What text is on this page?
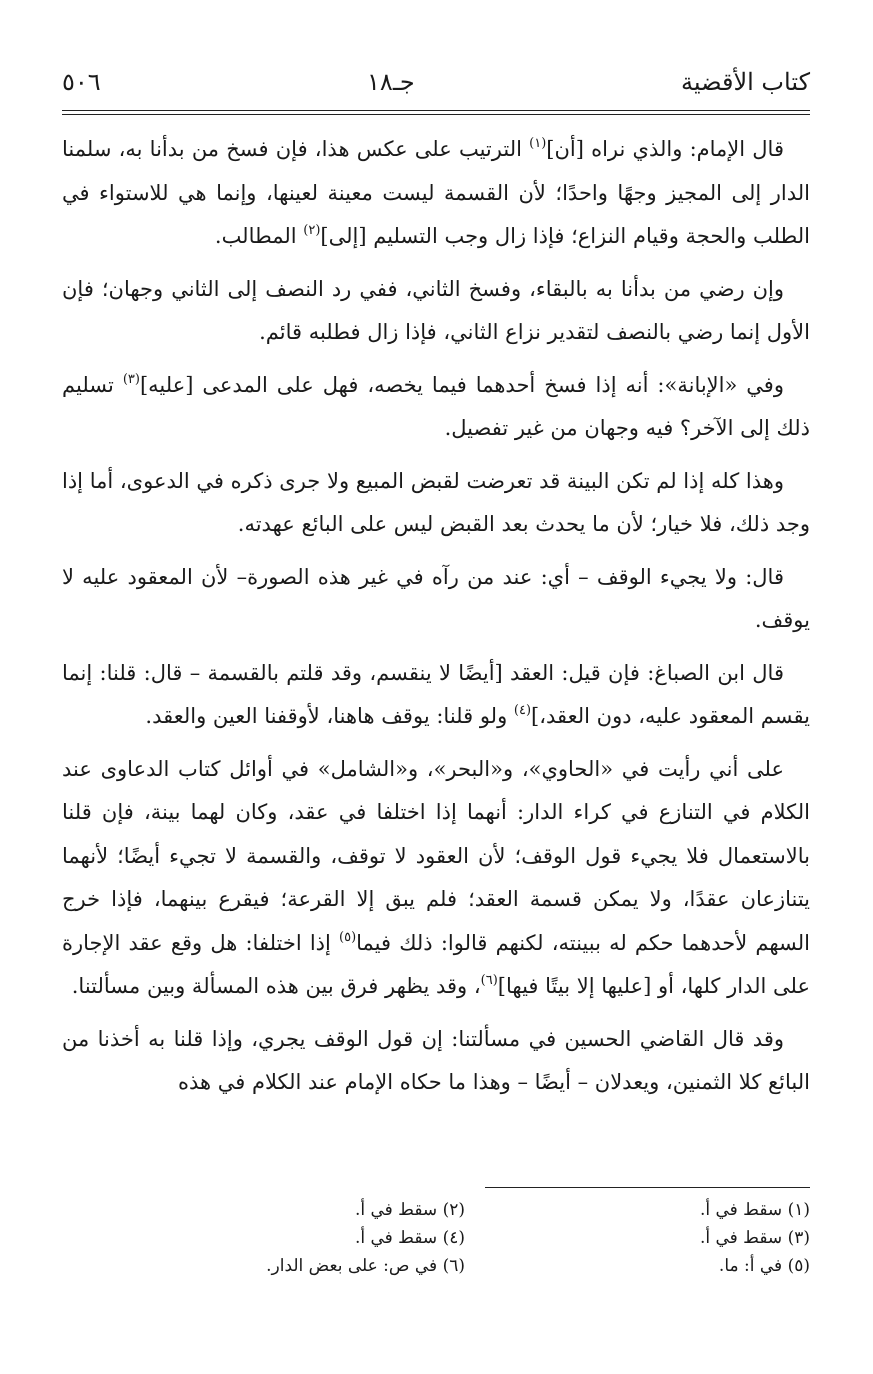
٥٠٦	جـ١٨	كتاب الأقضية

قال الإمام: والذي نراه [أن]$^{(١)}$ الترتيب على عكس هذا، فإن فسخ من بدأنا به، سلمنا الدار إلى المجيز وجهًا واحدًا؛ لأن القسمة ليست معينة لعينها، وإنما هي للاستواء في الطلب والحجة وقيام النزاع؛ فإذا زال وجب التسليم [إلى]$^{(٢)}$ المطالب.

وإن رضي من بدأنا به بالبقاء، وفسخ الثاني، ففي رد النصف إلى الثاني وجهان؛ فإن الأول إنما رضي بالنصف لتقدير نزاع الثاني، فإذا زال فطلبه قائم.

وفي «الإبانة»: أنه إذا فسخ أحدهما فيما يخصه، فهل على المدعى [عليه]$^{(٣)}$ تسليم ذلك إلى الآخر؟ فيه وجهان من غير تفصيل.

وهذا كله إذا لم تكن البينة قد تعرضت لقبض المبيع ولا جرى ذكره في الدعوى، أما إذا وجد ذلك، فلا خيار؛ لأن ما يحدث بعد القبض ليس على البائع عهدته.

قال: ولا يجيء الوقف – أي: عند من رآه في غير هذه الصورة– لأن المعقود عليه لا يوقف.

قال ابن الصباغ: فإن قيل: العقد [أيضًا لا ينقسم، وقد قلتم بالقسمة – قال: قلنا: إنما يقسم المعقود عليه، دون العقد،]$^{(٤)}$ ولو قلنا: يوقف هاهنا، لأوقفنا العين والعقد.

على أني رأيت في «الحاوي»، و«البحر»، و«الشامل» في أوائل كتاب الدعاوى عند الكلام في التنازع في كراء الدار: أنهما إذا اختلفا في عقد، وكان لهما بينة، فإن قلنا بالاستعمال فلا يجيء قول الوقف؛ لأن العقود لا توقف، والقسمة لا تجيء أيضًا؛ لأنهما يتنازعان عقدًا، ولا يمكن قسمة العقد؛ فلم يبق إلا القرعة؛ فيقرع بينهما، فإذا خرج السهم لأحدهما حكم له ببينته، لكنهم قالوا: ذلك فيما$^{(٥)}$ إذا اختلفا: هل وقع عقد الإجارة على الدار كلها، أو [عليها إلا بيتًا فيها]$^{(٦)}$، وقد يظهر فرق بين هذه المسألة وبين مسألتنا.

وقد قال القاضي الحسين في مسألتنا: إن قول الوقف يجري، وإذا قلنا به أخذنا من البائع كلا الثمنين، ويعدلان – أيضًا – وهذا ما حكاه الإمام عند الكلام في هذه

(١) سقط في أ.
(٢) سقط في أ.
(٣) سقط في أ.
(٤) سقط في أ.
(٥) في أ: ما.
(٦) في ص: على بعض الدار.
